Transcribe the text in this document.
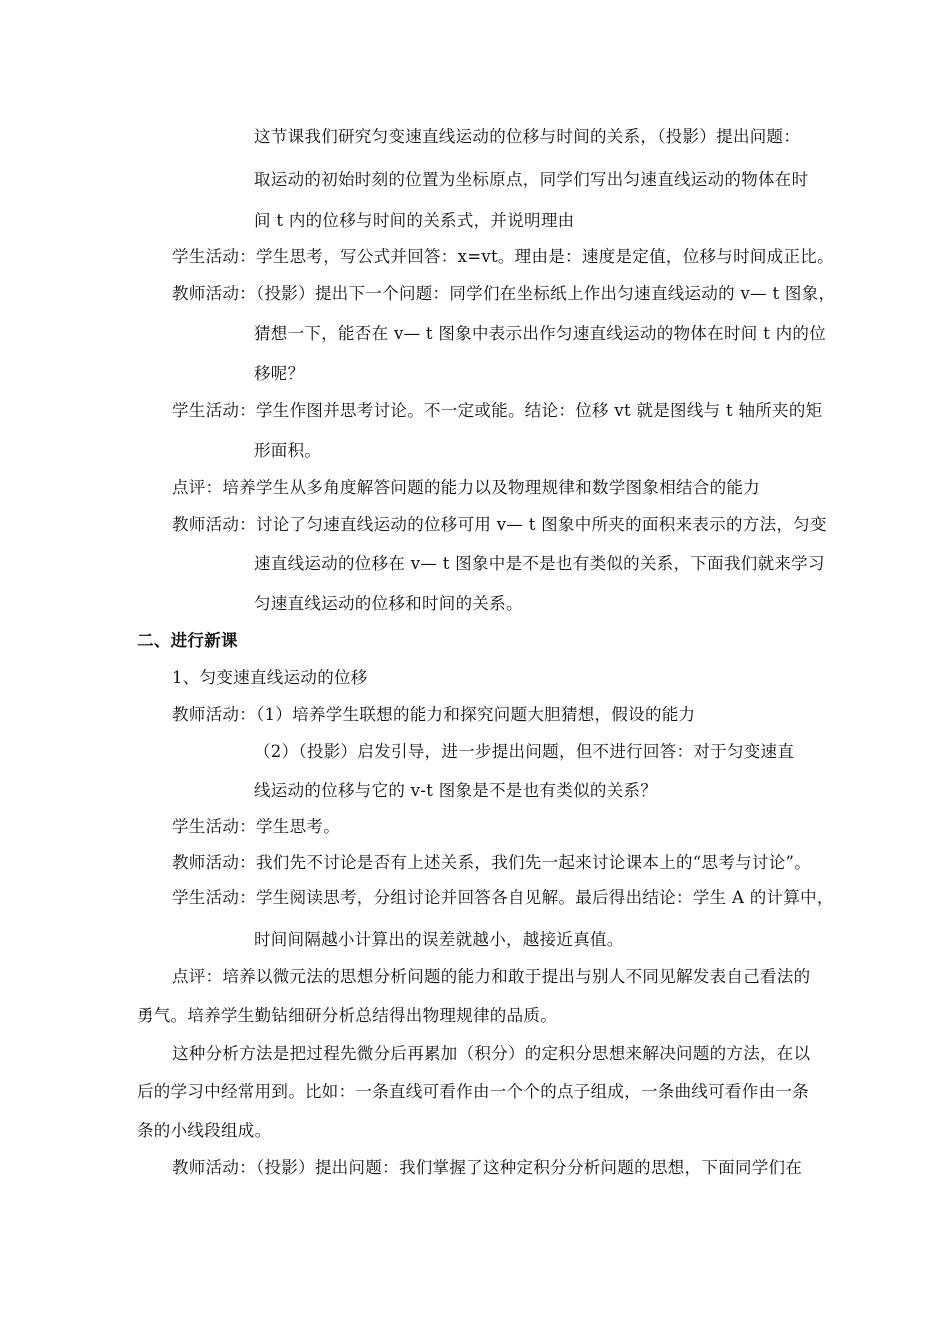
这节课我们研究匀变速直线运动的位移与时间的关系，（投影）提出问题：
取运动的初始时刻的位置为坐标原点，同学们写出匀速直线运动的物体在时
间 t 内的位移与时间的关系式，并说明理由
学生活动：学生思考，写公式并回答：x=vt。理由是：速度是定值，位移与时间成正比。
教师活动：（投影）提出下一个问题：同学们在坐标纸上作出匀速直线运动的 v— t 图象，
猜想一下，能否在 v— t 图象中表示出作匀速直线运动的物体在时间 t 内的位
移呢？
学生活动：学生作图并思考讨论。不一定或能。结论：位移 vt 就是图线与 t 轴所夹的矩
形面积。
点评：培养学生从多角度解答问题的能力以及物理规律和数学图象相结合的能力
教师活动：讨论了匀速直线运动的位移可用 v— t 图象中所夹的面积来表示的方法，匀变
速直线运动的位移在 v— t 图象中是不是也有类似的关系，下面我们就来学习
匀速直线运动的位移和时间的关系。
二、进行新课
1、匀变速直线运动的位移
教师活动：（1）培养学生联想的能力和探究问题大胆猜想，假设的能力
（2）（投影）启发引导，进一步提出问题，但不进行回答：对于匀变速直
线运动的位移与它的 v-t 图象是不是也有类似的关系？
学生活动：学生思考。
教师活动：我们先不讨论是否有上述关系，我们先一起来讨论课本上的“思考与讨论”。
学生活动：学生阅读思考，分组讨论并回答各自见解。最后得出结论：学生 A 的计算中，
时间间隔越小计算出的误差就越小，越接近真值。
点评：培养以微元法的思想分析问题的能力和敢于提出与别人不同见解发表自己看法的
勇气。培养学生勤钻细研分析总结得出物理规律的品质。
这种分析方法是把过程先微分后再累加（积分）的定积分思想来解决问题的方法，在以
后的学习中经常用到。比如：一条直线可看作由一个个的点子组成，一条曲线可看作由一条
条的小线段组成。
教师活动：（投影）提出问题：我们掌握了这种定积分分析问题的思想，下面同学们在
